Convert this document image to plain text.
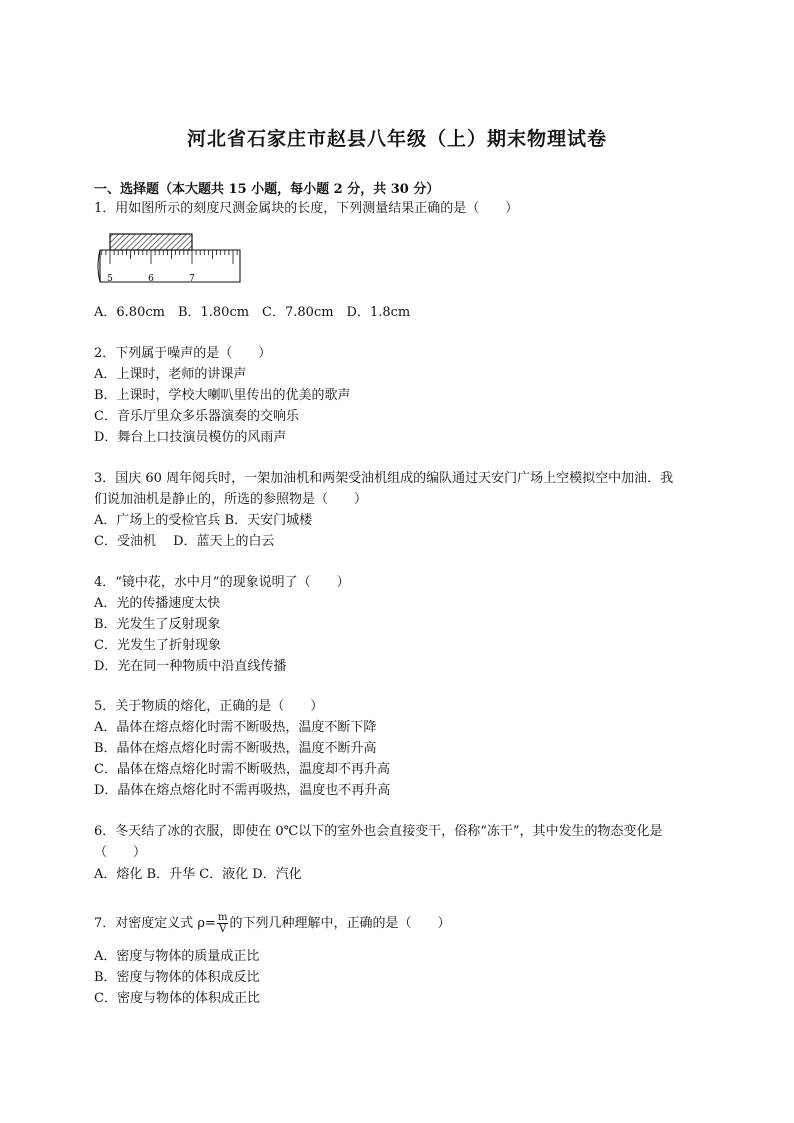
河北省石家庄市赵县八年级（上）期末物理试卷

一、选择题（本大题共 15 小题，每小题 2 分，共 30 分）

1．用如图所示的刻度尺测金属块的长度，下列测量结果正确的是（　　）

5	6	7

A．6.80cm　B．1.80cm　C．7.80cm　D．1.8cm

2．下列属于噪声的是（　　）

A．上课时，老师的讲课声

B．上课时，学校大喇叭里传出的优美的歌声

C．音乐厅里众多乐器演奏的交响乐

D．舞台上口技演员模仿的风雨声

3．国庆 60 周年阅兵时，一架加油机和两架受油机组成的编队通过天安门广场上空模拟空中加油．我

们说加油机是静止的，所选的参照物是（　　）

A．广场上的受检官兵 B．天安门城楼

C．受油机　 D．蓝天上的白云

4．“镜中花，水中月”的现象说明了（　　）

A．光的传播速度太快

B．光发生了反射现象

C．光发生了折射现象

D．光在同一种物质中沿直线传播

5．关于物质的熔化，正确的是（　　）

A．晶体在熔点熔化时需不断吸热，温度不断下降

B．晶体在熔点熔化时需不断吸热，温度不断升高

C．晶体在熔点熔化时需不断吸热，温度却不再升高

D．晶体在熔点熔化时不需再吸热，温度也不再升高

6．冬天结了冰的衣服，即使在 0℃以下的室外也会直接变干，俗称“冻干”，其中发生的物态变化是

（　　）

A．熔化 B．升华 C．液化 D．汽化

7．对密度定义式 $\rho= \frac{m}{V}$ 的下列几种理解中，正确的是（　　）

A．密度与物体的质量成正比

B．密度与物体的体积成反比

C．密度与物体的体积成正比
